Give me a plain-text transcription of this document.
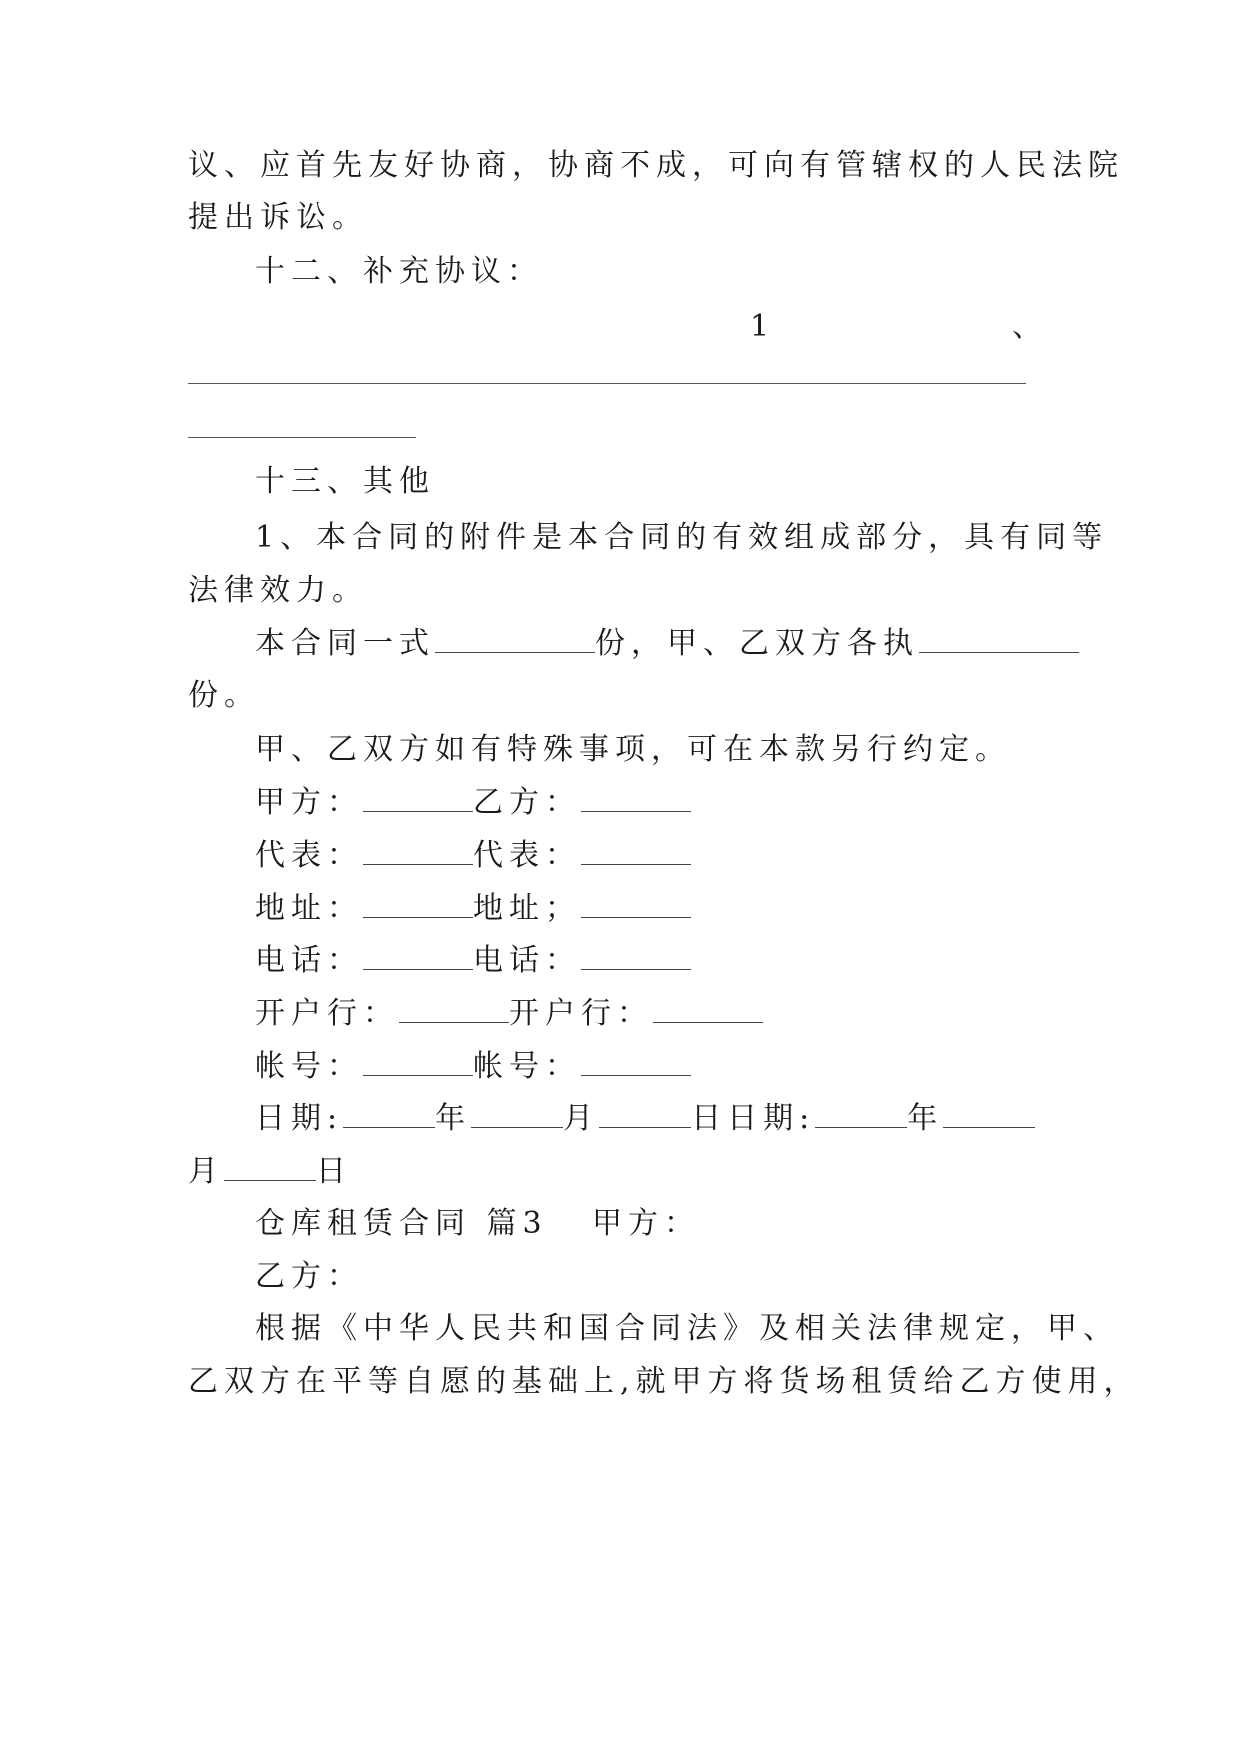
议、应首先友好协商，协商不成，可向有管辖权的人民法院
提出诉讼。
十二、补充协议：
1	、
十三、其他
1、本合同的附件是本合同的有效组成部分，具有同等
法律效力。
本合同一式	份，甲、乙双方各执
份。
甲、乙双方如有特殊事项，可在本款另行约定。
甲方：	乙方：
代表：	代表：
地址：	地址；
电话：	电话：
开户行：	开户行：
帐号：	帐号：
日期:	年	月	日日期:	年
月	日
仓库租赁合同 篇3 甲方：
乙方：
根据《中华人民共和国合同法》及相关法律规定，甲、
乙双方在平等自愿的基础上,就甲方将货场租赁给乙方使用，
